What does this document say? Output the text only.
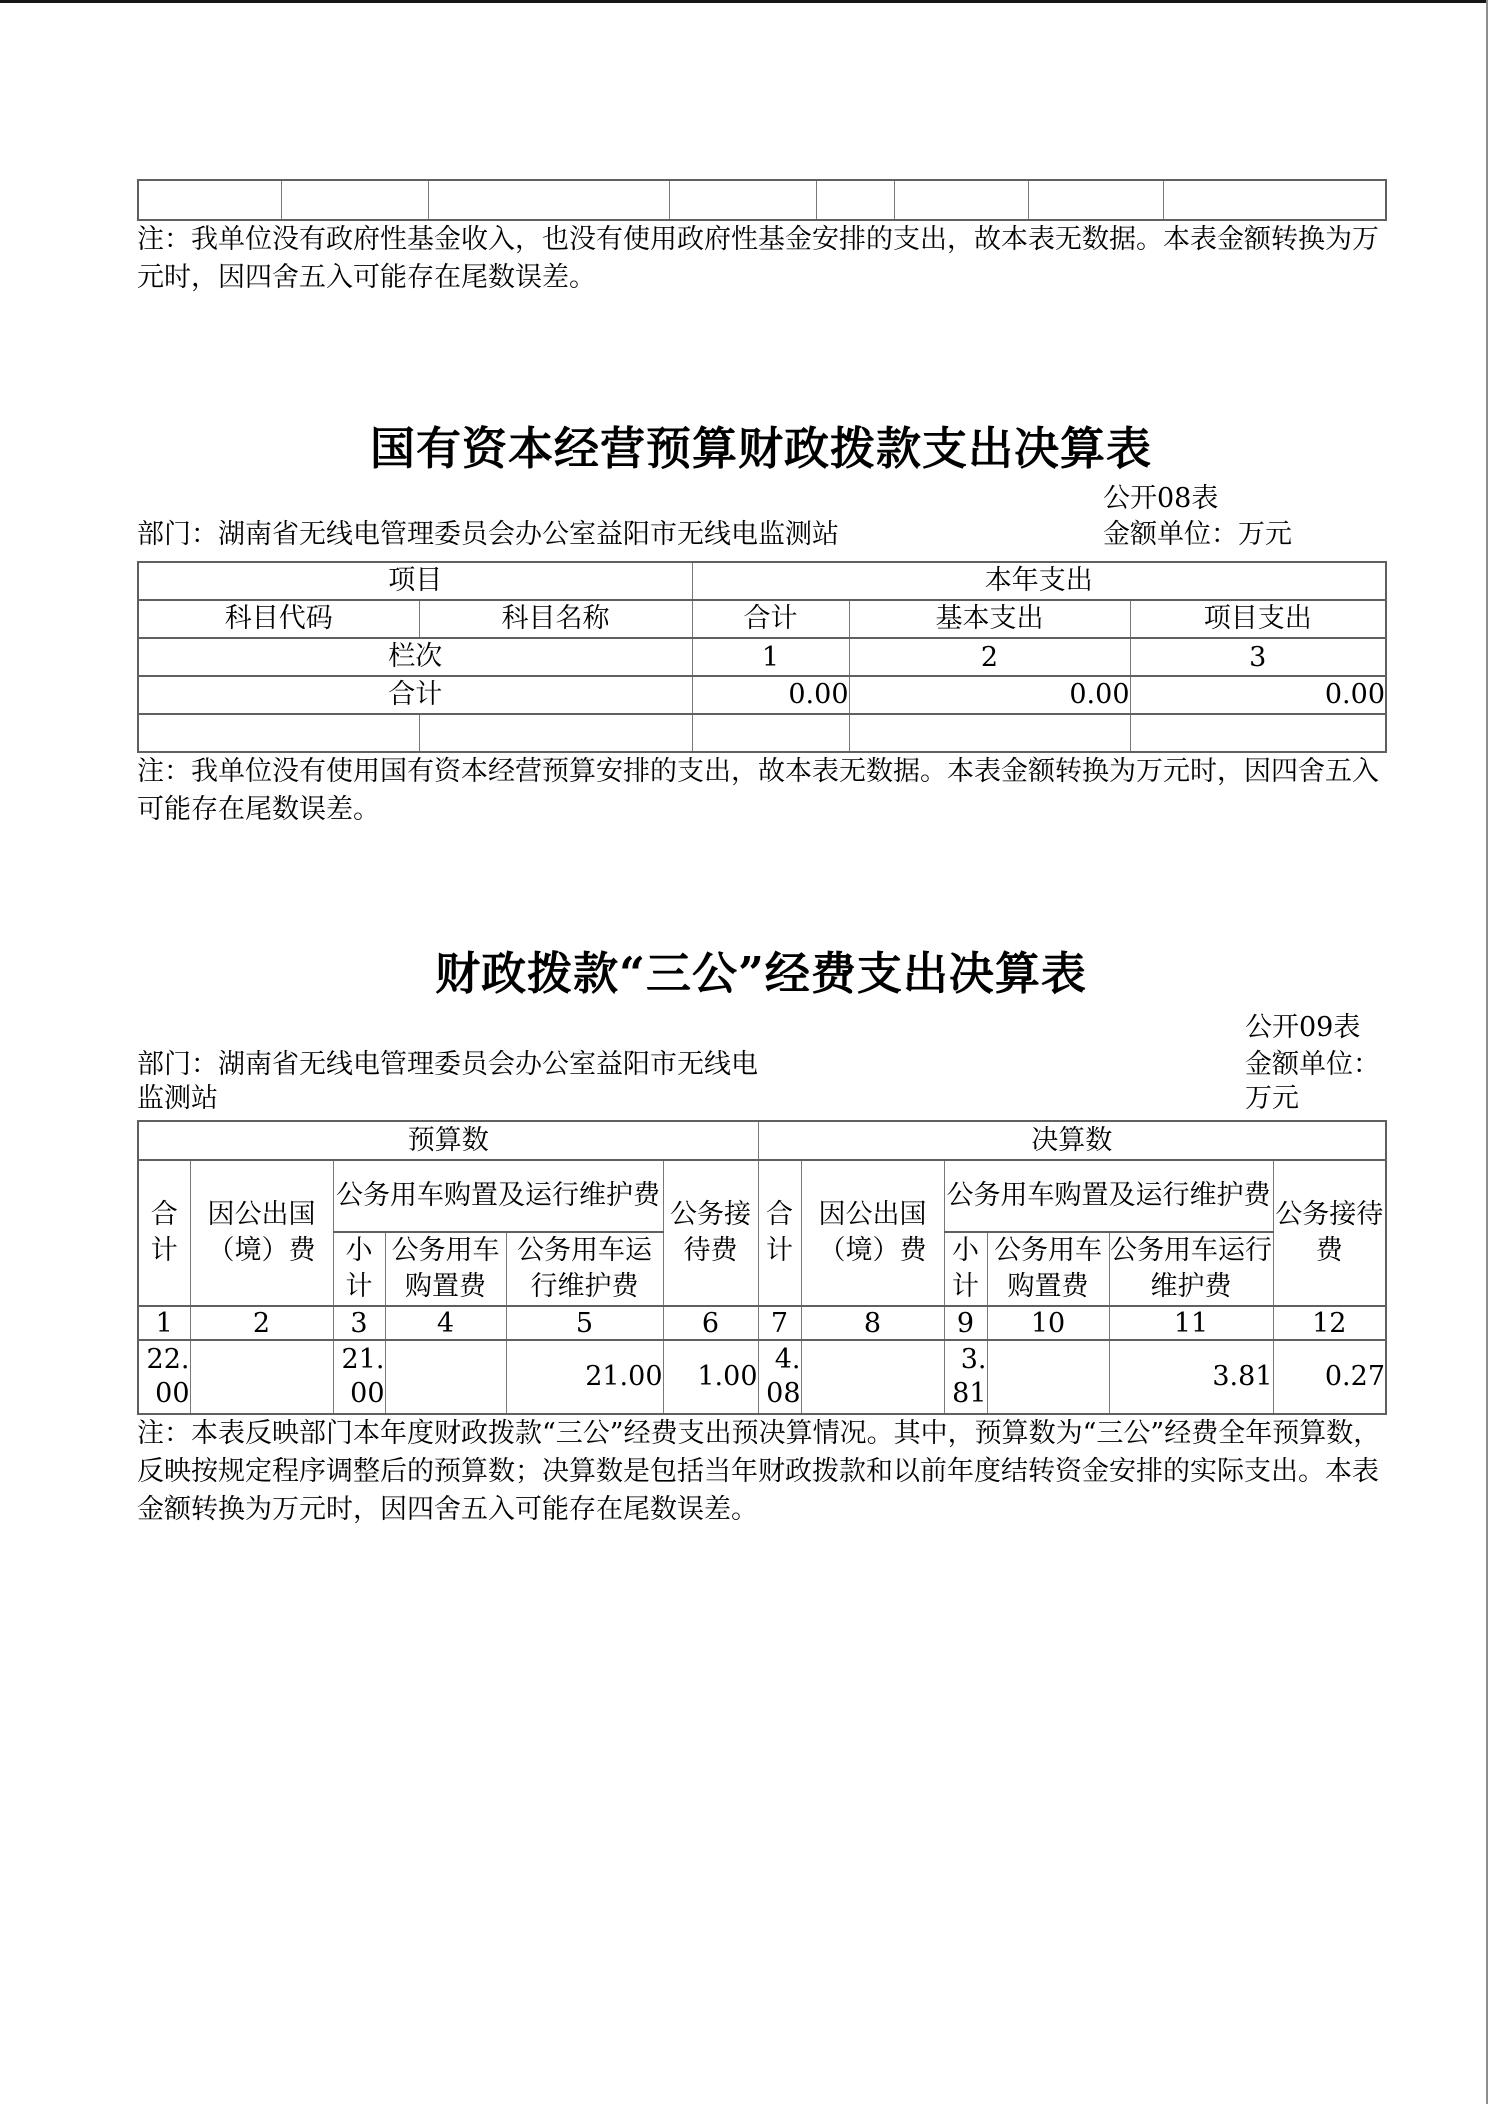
注：我单位没有政府性基金收入，也没有使用政府性基金安排的支出，故本表无数据。本表金额转换为万元时，因四舍五入可能存在尾数误差。

国有资本经营预算财政拨款支出决算表
公开08表
部门：湖南省无线电管理委员会办公室益阳市无线电监测站	金额单位：万元
项目		本年支出		
科目代码	科目名称	合计	基本支出	项目支出
栏次		1	2	3
合计		0.00	0.00	0.00

注：我单位没有使用国有资本经营预算安排的支出，故本表无数据。本表金额转换为万元时，因四舍五入可能存在尾数误差。

财政拨款“三公”经费支出决算表
公开09表
部门：湖南省无线电管理委员会办公室益阳市无线电监测站
金额单位：万元
预算数						决算数					
合计	因公出国（境）费	公务用车购置及运行维护费			公务接待费	合计	因公出国（境）费	公务用车购置及运行维护费			公务接待费
		小计	公务用车购置费	公务用车运行维护费				小计	公务用车购置费	公务用车运行维护费	
1	2	3	4	5	6	7	8	9	10	11	12
22.00		21.00		21.00	1.00	4.08		3.81		3.81	0.27

注：本表反映部门本年度财政拨款“三公”经费支出预决算情况。其中，预算数为“三公”经费全年预算数，反映按规定程序调整后的预算数；决算数是包括当年财政拨款和以前年度结转资金安排的实际支出。本表金额转换为万元时，因四舍五入可能存在尾数误差。
